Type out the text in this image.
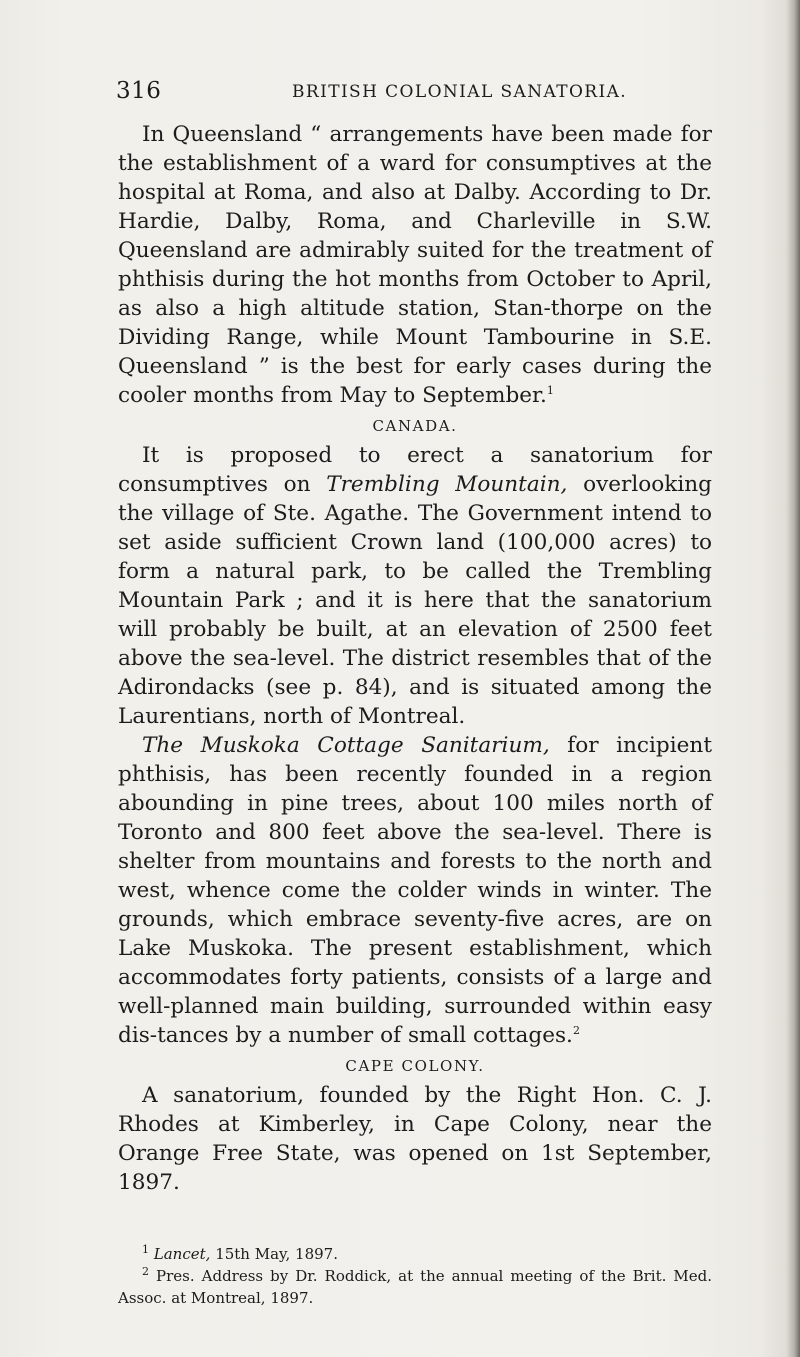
316	BRITISH COLONIAL SANATORIA.

In Queensland “ arrangements have been made for the establishment of a ward for consumptives at the hospital at Roma, and also at Dalby. According to Dr. Hardie, Dalby, Roma, and Charleville in S.W. Queensland are admirably suited for the treatment of phthisis during the hot months from October to April, as also a high altitude station, Stan-thorpe on the Dividing Range, while Mount Tambourine in S.E. Queensland ” is the best for early cases during the cooler months from May to September.$^1$

CANADA.

It is proposed to erect a sanatorium for consumptives on Trembling Mountain, overlooking the village of Ste. Agathe. The Government intend to set aside sufficient Crown land (100,000 acres) to form a natural park, to be called the Trembling Mountain Park ; and it is here that the sanatorium will probably be built, at an elevation of 2500 feet above the sea-level. The district resembles that of the Adirondacks (see p. 84), and is situated among the Laurentians, north of Montreal.

The Muskoka Cottage Sanitarium, for incipient phthisis, has been recently founded in a region abounding in pine trees, about 100 miles north of Toronto and 800 feet above the sea-level. There is shelter from mountains and forests to the north and west, whence come the colder winds in winter. The grounds, which embrace seventy-five acres, are on Lake Muskoka. The present establishment, which accommodates forty patients, consists of a large and well-planned main building, surrounded within easy dis-tances by a number of small cottages.$^2$

CAPE COLONY.

A sanatorium, founded by the Right Hon. C. J. Rhodes at Kimberley, in Cape Colony, near the Orange Free State, was opened on 1st September, 1897.

$^1$ Lancet, 15th May, 1897.

$^2$ Pres. Address by Dr. Roddick, at the annual meeting of the Brit. Med. Assoc. at Montreal, 1897.
